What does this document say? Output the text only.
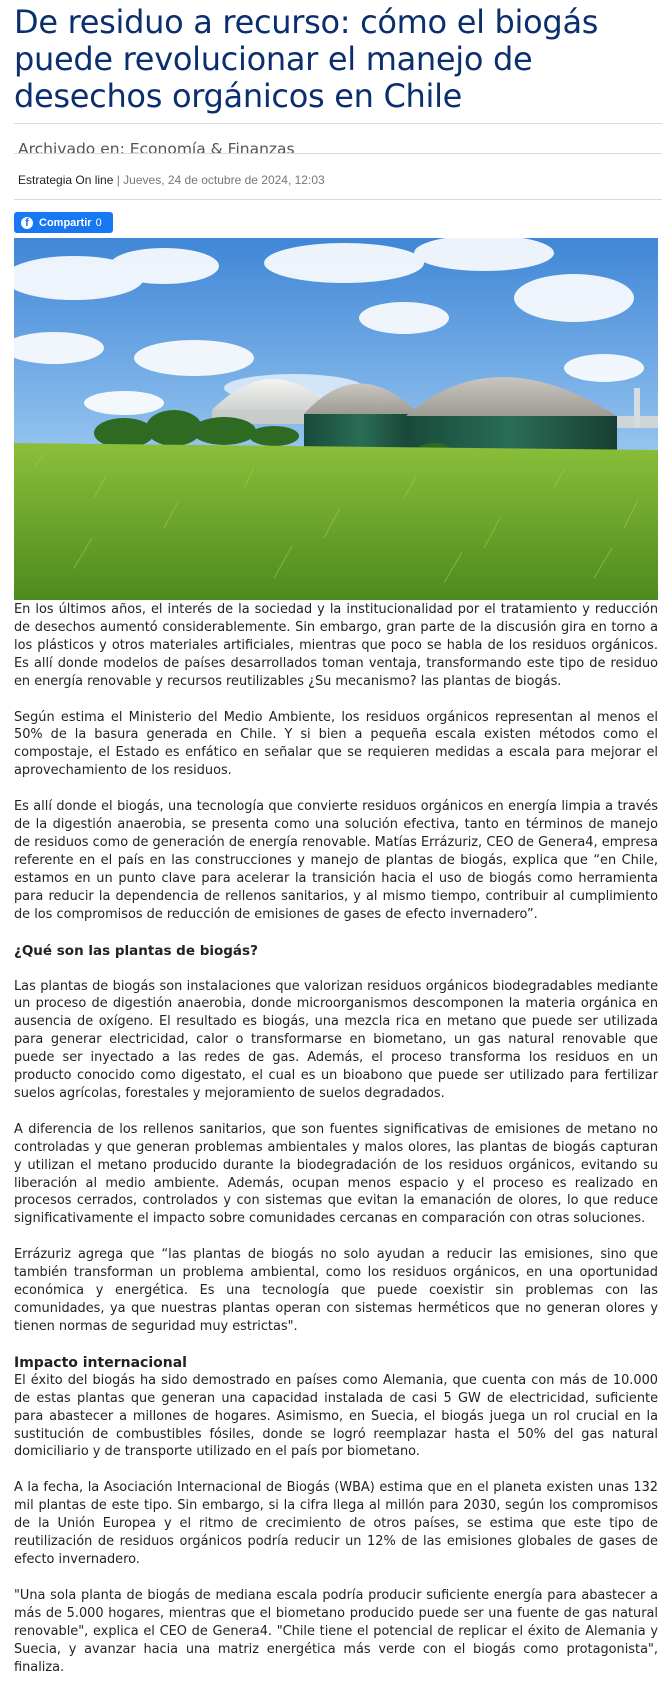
De residuo a recurso: cómo el biogás puede revolucionar el manejo de desechos orgánicos en Chile
Archivado en: Economía & Finanzas
Estrategia On line | Jueves, 24 de octubre de 2024, 12:03
f Compartir 0

En los últimos años, el interés de la sociedad y la institucionalidad por el tratamiento y reducción de desechos aumentó considerablemente. Sin embargo, gran parte de la discusión gira en torno a los plásticos y otros materiales artificiales, mientras que poco se habla de los residuos orgánicos. Es allí donde modelos de países desarrollados toman ventaja, transformando este tipo de residuo en energía renovable y recursos reutilizables ¿Su mecanismo? las plantas de biogás.

Según estima el Ministerio del Medio Ambiente, los residuos orgánicos representan al menos el 50% de la basura generada en Chile. Y si bien a pequeña escala existen métodos como el compostaje, el Estado es enfático en señalar que se requieren medidas a escala para mejorar el aprovechamiento de los residuos.

Es allí donde el biogás, una tecnología que convierte residuos orgánicos en energía limpia a través de la digestión anaerobia, se presenta como una solución efectiva, tanto en términos de manejo de residuos como de generación de energía renovable. Matías Errázuriz, CEO de Genera4, empresa referente en el país en las construcciones y manejo de plantas de biogás, explica que “en Chile, estamos en un punto clave para acelerar la transición hacia el uso de biogás como herramienta para reducir la dependencia de rellenos sanitarios, y al mismo tiempo, contribuir al cumplimiento de los compromisos de reducción de emisiones de gases de efecto invernadero”.

¿Qué son las plantas de biogás?

Las plantas de biogás son instalaciones que valorizan residuos orgánicos biodegradables mediante un proceso de digestión anaerobia, donde microorganismos descomponen la materia orgánica en ausencia de oxígeno. El resultado es biogás, una mezcla rica en metano que puede ser utilizada para generar electricidad, calor o transformarse en biometano, un gas natural renovable que puede ser inyectado a las redes de gas. Además, el proceso transforma los residuos en un producto conocido como digestato, el cual es un bioabono que puede ser utilizado para fertilizar suelos agrícolas, forestales y mejoramiento de suelos degradados.

A diferencia de los rellenos sanitarios, que son fuentes significativas de emisiones de metano no controladas y que generan problemas ambientales y malos olores, las plantas de biogás capturan y utilizan el metano producido durante la biodegradación de los residuos orgánicos, evitando su liberación al medio ambiente. Además, ocupan menos espacio y el proceso es realizado en procesos cerrados, controlados y con sistemas que evitan la emanación de olores, lo que reduce significativamente el impacto sobre comunidades cercanas en comparación con otras soluciones.

Errázuriz agrega que “las plantas de biogás no solo ayudan a reducir las emisiones, sino que también transforman un problema ambiental, como los residuos orgánicos, en una oportunidad económica y energética. Es una tecnología que puede coexistir sin problemas con las comunidades, ya que nuestras plantas operan con sistemas herméticos que no generan olores y tienen normas de seguridad muy estrictas".

Impacto internacional

El éxito del biogás ha sido demostrado en países como Alemania, que cuenta con más de 10.000 de estas plantas que generan una capacidad instalada de casi 5 GW de electricidad, suficiente para abastecer a millones de hogares. Asimismo, en Suecia, el biogás juega un rol crucial en la sustitución de combustibles fósiles, donde se logró reemplazar hasta el 50% del gas natural domiciliario y de transporte utilizado en el país por biometano.

A la fecha, la Asociación Internacional de Biogás (WBA) estima que en el planeta existen unas 132 mil plantas de este tipo. Sin embargo, si la cifra llega al millón para 2030, según los compromisos de la Unión Europea y el ritmo de crecimiento de otros países, se estima que este tipo de reutilización de residuos orgánicos podría reducir un 12% de las emisiones globales de gases de efecto invernadero.

"Una sola planta de biogás de mediana escala podría producir suficiente energía para abastecer a más de 5.000 hogares, mientras que el biometano producido puede ser una fuente de gas natural renovable", explica el CEO de Genera4. "Chile tiene el potencial de replicar el éxito de Alemania y Suecia, y avanzar hacia una matriz energética más verde con el biogás como protagonista", finaliza.
